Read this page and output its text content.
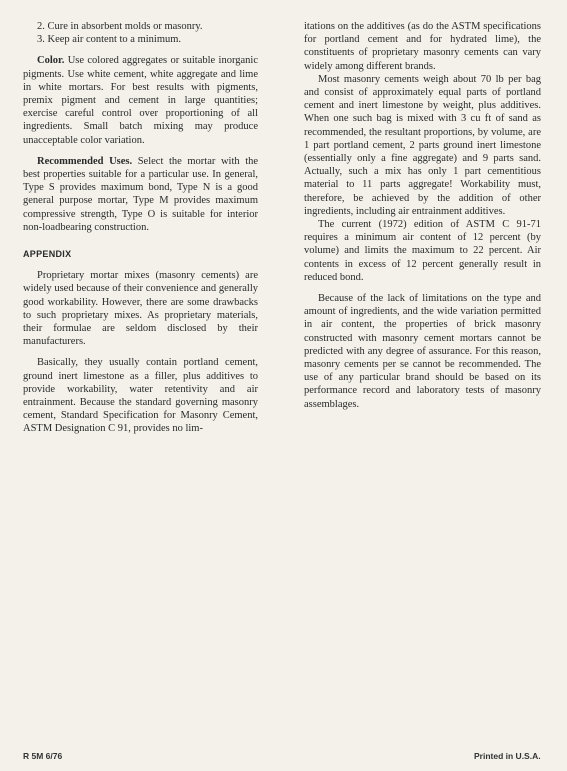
2. Cure in absorbent molds or masonry.
3. Keep air content to a minimum.

Color. Use colored aggregates or suitable inorganic pigments. Use white cement, white aggregate and lime in white mortars. For best results with pigments, premix pigment and cement in large quantities; exercise careful control over proportioning of all ingredients. Small batch mixing may produce unacceptable color variation.

Recommended Uses. Select the mortar with the best properties suitable for a particular use. In general, Type S provides maximum bond, Type N is a good general purpose mortar, Type M provides maximum compressive strength, Type O is suitable for interior non-loadbearing construction.

APPENDIX

Proprietary mortar mixes (masonry cements) are widely used because of their convenience and generally good workability. However, there are some drawbacks to such proprietary mixes. As proprietary materials, their formulae are seldom disclosed by their manufacturers.

Basically, they usually contain portland cement, ground inert limestone as a filler, plus additives to provide workability, water retentivity and air entrainment. Because the standard governing masonry cement, Standard Specification for Masonry Cement, ASTM Designation C 91, provides no lim-

itations on the additives (as do the ASTM specifications for portland cement and for hydrated lime), the constituents of proprietary masonry cements can vary widely among different brands.

Most masonry cements weigh about 70 lb per bag and consist of approximately equal parts of portland cement and inert limestone by weight, plus additives. When one such bag is mixed with 3 cu ft of sand as recommended, the resultant proportions, by volume, are 1 part portland cement, 2 parts ground inert limestone (essentially only a fine aggregate) and 9 parts sand. Actually, such a mix has only 1 part cementitious material to 11 parts aggregate! Workability must, therefore, be achieved by the addition of other ingredients, including air entrainment additives.

The current (1972) edition of ASTM C 91-71 requires a minimum air content of 12 percent (by volume) and limits the maximum to 22 percent. Air contents in excess of 12 percent generally result in reduced bond.

Because of the lack of limitations on the type and amount of ingredients, and the wide variation permitted in air content, the properties of brick masonry constructed with masonry cement mortars cannot be predicted with any degree of assurance. For this reason, masonry cements per se cannot be recommended. The use of any particular brand should be based on its performance record and laboratory tests of masonry assemblages.

R 5M 6/76	Printed in U.S.A.
